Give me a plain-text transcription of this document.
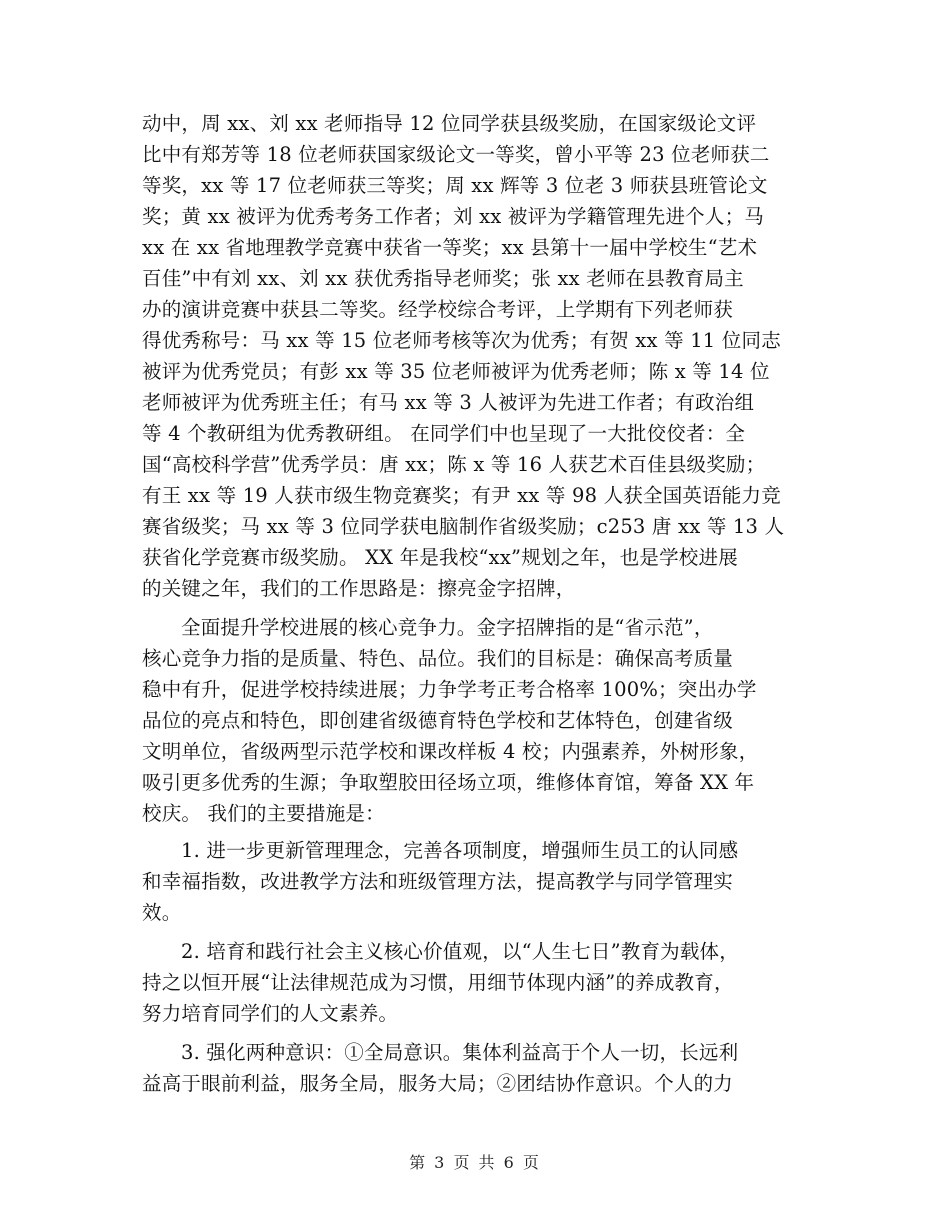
动中，周 xx、刘 xx 老师指导 12 位同学获县级奖励，在国家级论文评
比中有郑芳等 18 位老师获国家级论文一等奖，曾小平等 23 位老师获二
等奖，xx 等 17 位老师获三等奖；周 xx 辉等 3 位老 3 师获县班管论文
奖；黄 xx 被评为优秀考务工作者；刘 xx 被评为学籍管理先进个人；马
xx 在 xx 省地理教学竞赛中获省一等奖；xx 县第十一届中学校生“艺术
百佳”中有刘 xx、刘 xx 获优秀指导老师奖；张 xx 老师在县教育局主
办的演讲竞赛中获县二等奖。经学校综合考评，上学期有下列老师获
得优秀称号：马 xx 等 15 位老师考核等次为优秀；有贺 xx 等 11 位同志
被评为优秀党员；有彭 xx 等 35 位老师被评为优秀老师；陈 x 等 14 位
老师被评为优秀班主任；有马 xx 等 3 人被评为先进工作者；有政治组
等 4 个教研组为优秀教研组。 在同学们中也呈现了一大批佼佼者：全
国“高校科学营”优秀学员：唐 xx；陈 x 等 16 人获艺术百佳县级奖励；
有王 xx 等 19 人获市级生物竞赛奖；有尹 xx 等 98 人获全国英语能力竞
赛省级奖；马 xx 等 3 位同学获电脑制作省级奖励；c253 唐 xx 等 13 人
获省化学竞赛市级奖励。 XX 年是我校“xx”规划之年，也是学校进展
的关键之年，我们的工作思路是：擦亮金字招牌，
全面提升学校进展的核心竞争力。金字招牌指的是“省示范”，
核心竞争力指的是质量、特色、品位。我们的目标是：确保高考质量
稳中有升，促进学校持续进展；力争学考正考合格率 100%；突出办学
品位的亮点和特色，即创建省级德育特色学校和艺体特色，创建省级
文明单位，省级两型示范学校和课改样板 4 校；内强素养，外树形象，
吸引更多优秀的生源；争取塑胶田径场立项，维修体育馆，筹备 XX 年
校庆。 我们的主要措施是：
1. 进一步更新管理理念，完善各项制度，增强师生员工的认同感
和幸福指数，改进教学方法和班级管理方法，提高教学与同学管理实
效。
2. 培育和践行社会主义核心价值观，以“人生七日”教育为载体，
持之以恒开展“让法律规范成为习惯，用细节体现内涵”的养成教育，
努力培育同学们的人文素养。
3. 强化两种意识：①全局意识。集体利益高于个人一切，长远利
益高于眼前利益，服务全局，服务大局；②团结协作意识。个人的力
第 3 页 共 6 页
